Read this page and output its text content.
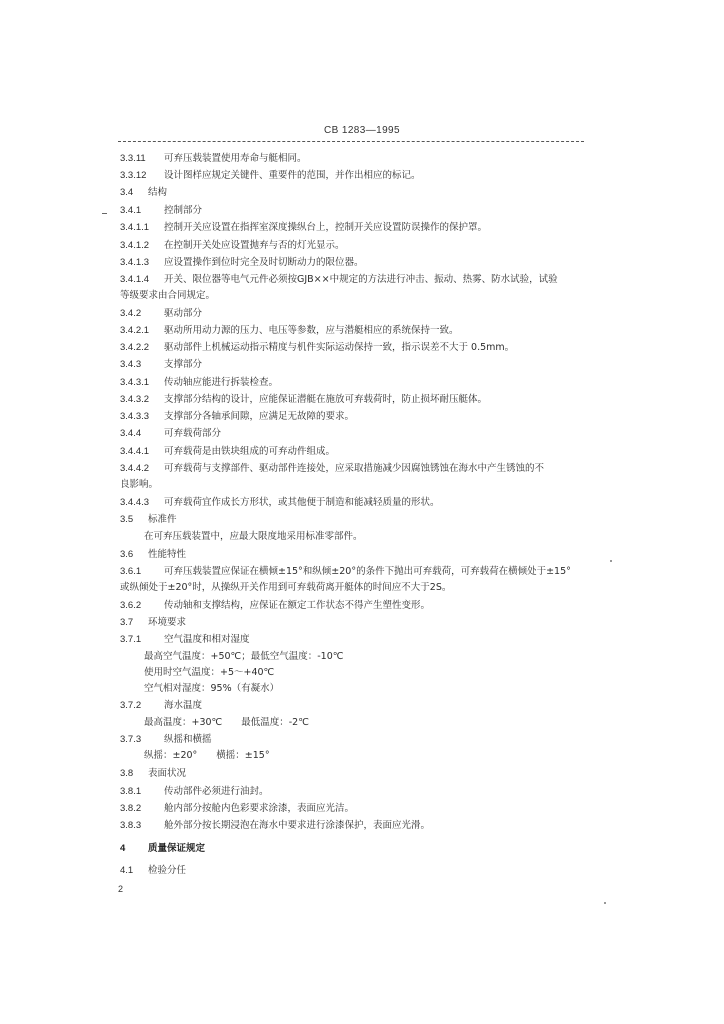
CB 1283—1995
3.3.11 可弃压载装置使用寿命与艇相同。
3.3.12 设计图样应规定关键件、重要件的范围，并作出相应的标记。
3.4 结构
3.4.1 控制部分
3.4.1.1 控制开关应设置在指挥室深度操纵台上，控制开关应设置防误操作的保护罩。
3.4.1.2 在控制开关处应设置抛弃与否的灯光显示。
3.4.1.3 应设置操作到位时完全及时切断动力的限位器。
3.4.1.4 开关、限位器等电气元件必须按GJB××中规定的方法进行冲击、振动、热雾、防水试验，试验
等级要求由合同规定。
3.4.2 驱动部分
3.4.2.1 驱动所用动力源的压力、电压等参数，应与潜艇相应的系统保持一致。
3.4.2.2 驱动部件上机械运动指示精度与机件实际运动保持一致，指示误差不大于 0.5mm。
3.4.3 支撑部分
3.4.3.1 传动轴应能进行拆装检查。
3.4.3.2 支撑部分结构的设计，应能保证潜艇在施放可弃载荷时，防止损坏耐压艇体。
3.4.3.3 支撑部分各轴承间隙，应满足无故障的要求。
3.4.4 可弃载荷部分
3.4.4.1 可弃载荷是由铁块组成的可弃动件组成。
3.4.4.2 可弃载荷与支撑部件、驱动部件连接处，应采取措施减少因腐蚀锈蚀在海水中产生锈蚀的不
良影响。
3.4.4.3 可弃载荷宜作成长方形状，或其他便于制造和能减轻质量的形状。
3.5 标准件
在可弃压载装置中，应最大限度地采用标准零部件。
3.6 性能特性
3.6.1 可弃压载装置应保证在横倾±15°和纵倾±20°的条件下抛出可弃载荷，可弃载荷在横倾处于±15°
或纵倾处于±20°时，从操纵开关作用到可弃载荷离开艇体的时间应不大于2S。
3.6.2 传动轴和支撑结构，应保证在额定工作状态不得产生塑性变形。
3.7 环境要求
3.7.1 空气温度和相对湿度
最高空气温度：+50℃；最低空气温度：-10℃
使用时空气温度：+5～+40℃
空气相对湿度：95%（有凝水）
3.7.2 海水温度
最高温度：+30℃　　最低温度：-2℃
3.7.3 纵摇和横摇
纵摇：±20°　　横摇：±15°
3.8 表面状况
3.8.1 传动部件必须进行油封。
3.8.2 舱内部分按舱内色彩要求涂漆，表面应光洁。
3.8.3 舱外部分按长期浸泡在海水中要求进行涂漆保护，表面应光滑。
4 质量保证规定
4.1 检验分任
2
